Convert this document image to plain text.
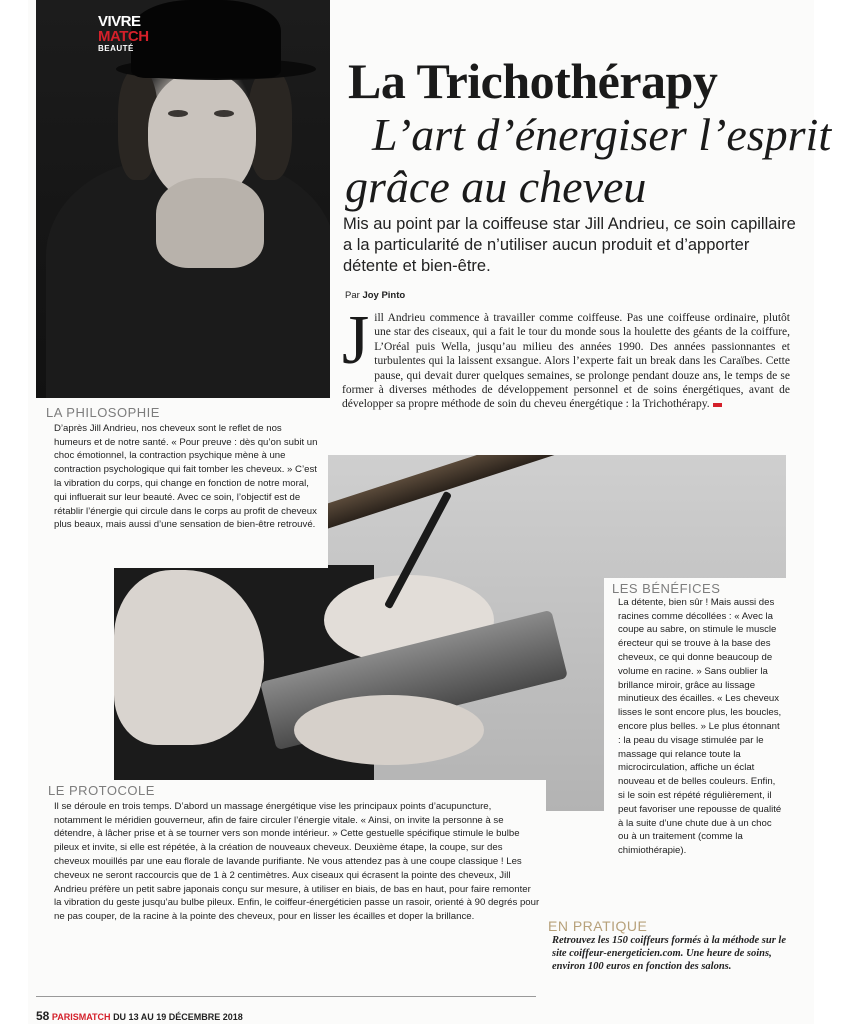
VIVRE
MATCH
BEAUTÉ
La Trichothérapy
L’art d’énergiser l’esprit
grâce au cheveu

Mis au point par la coiffeuse star Jill Andrieu, ce soin capillaire a la particularité de n’utiliser aucun produit et d’apporter détente et bien-être.

Par Joy Pinto
Jill Andrieu commence à travailler comme coiffeuse. Pas une coiffeuse ordinaire, plutôt une star des ciseaux, qui a fait le tour du monde sous la houlette des géants de la coiffure, L’Oréal puis Wella, jusqu’au milieu des années 1990. Des années passionnantes et turbulentes qui la laissent exsangue. Alors l’experte fait un break dans les Caraïbes. Cette pause, qui devait durer quelques semaines, se prolonge pendant douze ans, le temps de se former à diverses méthodes de développement personnel et de soins énergétiques, avant de développer sa propre méthode de soin du cheveu énergétique : la Trichothérapy.
LA PHILOSOPHIE

D’après Jill Andrieu, nos cheveux sont le reflet de nos humeurs et de notre santé. « Pour preuve : dès qu’on subit un choc émotionnel, la contraction psychique mène à une contraction psychologique qui fait tomber les cheveux. » C’est la vibration du corps, qui change en fonction de notre moral, qui influerait sur leur beauté. Avec ce soin, l’objectif est de rétablir l’énergie qui circule dans le corps au profit de cheveux plus beaux, mais aussi d’une sensation de bien-être retrouvé.

LES BÉNÉFICES

La détente, bien sûr ! Mais aussi des racines comme décollées : « Avec la coupe au sabre, on stimule le muscle érecteur qui se trouve à la base des cheveux, ce qui donne beaucoup de volume en racine. » Sans oublier la brillance miroir, grâce au lissage minutieux des écailles. « Les cheveux lisses le sont encore plus, les boucles, encore plus belles. » Le plus étonnant : la peau du visage stimulée par le massage qui relance toute la microcirculation, affiche un éclat nouveau et de belles couleurs. Enfin, si le soin est répété régulièrement, il peut favoriser une repousse de qualité à la suite d’une chute due à un choc ou à un traitement (comme la chimiothérapie).

LE PROTOCOLE

Il se déroule en trois temps. D’abord un massage énergétique vise les principaux points d’acupuncture, notamment le méridien gouverneur, afin de faire circuler l’énergie vitale. « Ainsi, on invite la personne à se détendre, à lâcher prise et à se tourner vers son monde intérieur. » Cette gestuelle spécifique stimule le bulbe pileux et invite, si elle est répétée, à la création de nouveaux cheveux. Deuxième étape, la coupe, sur des cheveux mouillés par une eau florale de lavande purifiante. Ne vous attendez pas à une coupe classique ! Les cheveux ne seront raccourcis que de 1 à 2 centimètres. Aux ciseaux qui écrasent la pointe des cheveux, Jill Andrieu préfère un petit sabre japonais conçu sur mesure, à utiliser en biais, de bas en haut, pour faire remonter la vibration du geste jusqu’au bulbe pileux. Enfin, le coiffeur-énergéticien passe un rasoir, orienté à 90 degrés pour ne pas couper, de la racine à la pointe des cheveux, pour en lisser les écailles et doper la brillance.

EN PRATIQUE

Retrouvez les 150 coiffeurs formés à la méthode sur le site coiffeur-energeticien.com. Une heure de soins, environ 100 euros en fonction des salons.

58 PARISMATCH DU 13 AU 19 DÉCEMBRE 2018
